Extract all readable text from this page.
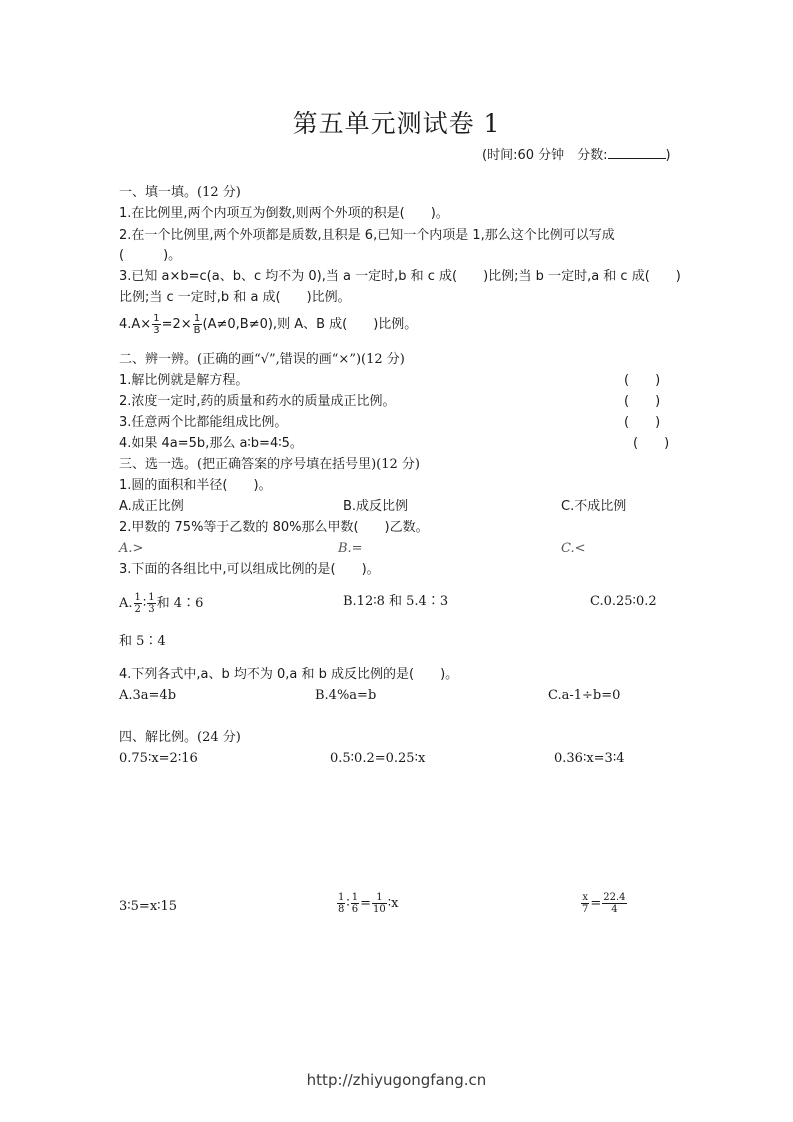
第五单元测试卷 1
(时间:60 分钟　分数:	)
一、填一填。(12 分)
1.在比例里,两个内项互为倒数,则两个外项的积是(　　)。
2.在一个比例里,两个外项都是质数,且积是 6,已知一个内项是 1,那么这个比例可以写成
(　　　)。
3.已知 a×b=c(a、b、c 均不为 0),当 a 一定时,b 和 c 成(　　)比例;当 b 一定时,a 和 c 成(　　)
比例;当 c 一定时,b 和 a 成(　　)比例。
$4.A\times \frac{1}{3} =2\times \frac{1}{B} (A\ne 0,B\ne 0)$,则 A、B 成(　　)比例。
二、辨一辨。(正确的画“√”,错误的画“×”)(12 分)
1.解比例就是解方程。	(　　)
2.浓度一定时,药的质量和药水的质量成正比例。	(　　)
3.任意两个比都能组成比例。	(　　)
4.如果 4a=5b,那么 a∶b=4∶5。	(　　)
三、选一选。(把正确答案的序号填在括号里)(12 分)
1.圆的面积和半径(　　)。
A.成正比例	B.成反比例	C.不成比例
2.甲数的 75%等于乙数的 80%那么甲数(　　)乙数。
A.>	B.=	C.<
3.下面的各组比中,可以组成比例的是(　　)。
A. $\frac{1}{2}$ ∶ $\frac{1}{3}$ 和 4∶6	B.12∶8 和 5.4∶3	C.0.25∶0.2
和 5∶4
4.下列各式中,a、b 均不为 0,a 和 b 成反比例的是(　　)。
A.3a=4b	B.4%a=b	C.a-1÷b=0
四、解比例。(24 分)
0.75∶x=2∶16	0.5∶0.2=0.25∶x	0.36∶x=3∶4
3∶5=x∶15	$\frac{1}{8}$ ∶ $\frac{1}{6} = \frac{1}{10}$ ∶x	$\frac{x}{7} = \frac{22.4}{4}$
http://zhiyugongfang.cn
